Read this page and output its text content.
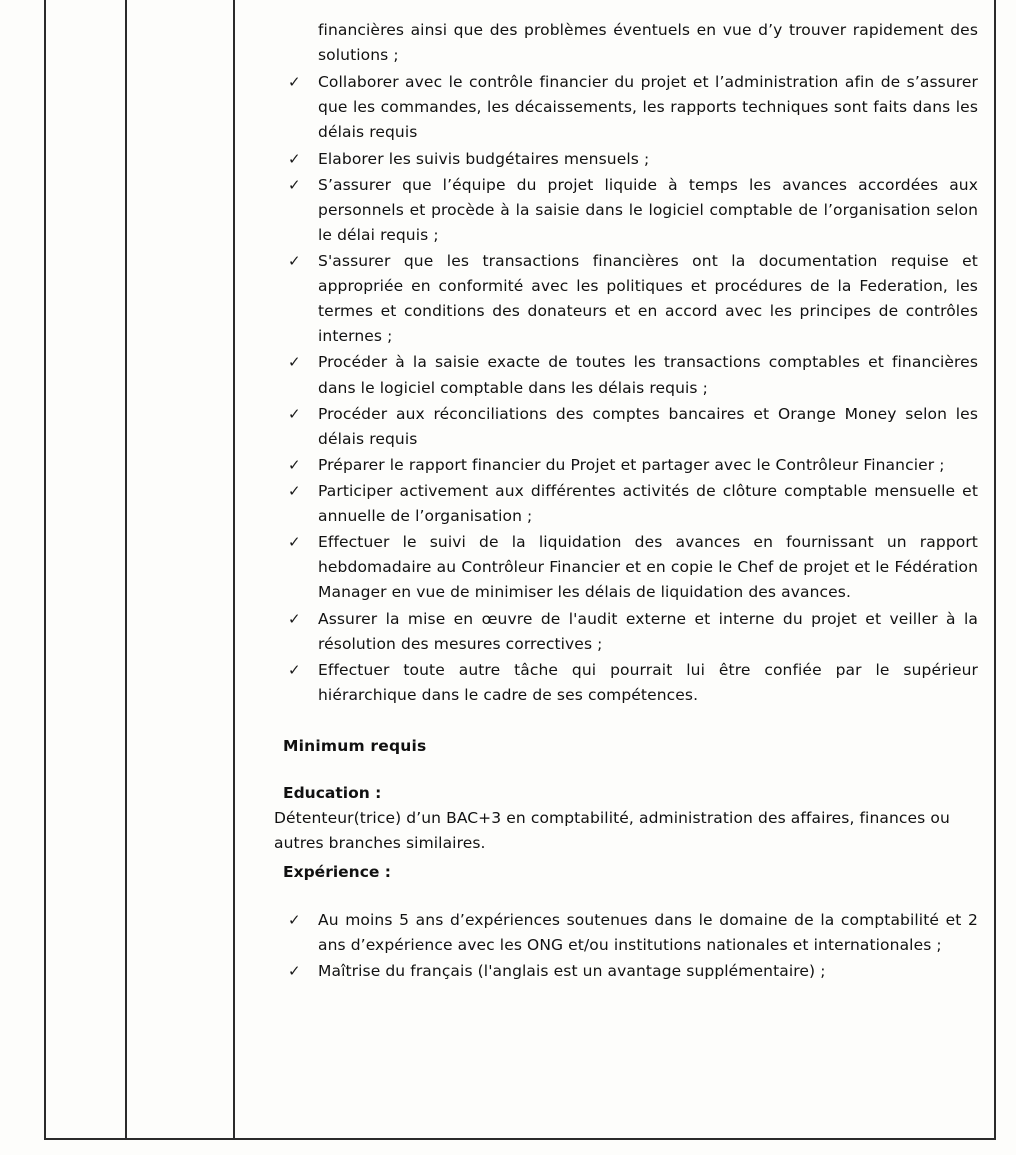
financières ainsi que des problèmes éventuels en vue d’y trouver rapidement des solutions ;

✓ Collaborer avec le contrôle financier du projet et l’administration afin de s’assurer que les commandes, les décaissements, les rapports techniques sont faits dans les délais requis
✓ Elaborer les suivis budgétaires mensuels ;
✓ S’assurer que l’équipe du projet liquide à temps les avances accordées aux personnels et procède à la saisie dans le logiciel comptable de l’organisation selon le délai requis ;
✓ S'assurer que les transactions financières ont la documentation requise et appropriée en conformité avec les politiques et procédures de la Federation, les termes et conditions des donateurs et en accord avec les principes de contrôles internes ;
✓ Procéder à la saisie exacte de toutes les transactions comptables et financières dans le logiciel comptable dans les délais requis ;
✓ Procéder aux réconciliations des comptes bancaires et Orange Money selon les délais requis
✓ Préparer le rapport financier du Projet et partager avec le Contrôleur Financier ;
✓ Participer activement aux différentes activités de clôture comptable mensuelle et annuelle de l’organisation ;
✓ Effectuer le suivi de la liquidation des avances en fournissant un rapport hebdomadaire au Contrôleur Financier et en copie le Chef de projet et le Fédération Manager en vue de minimiser les délais de liquidation des avances.
✓ Assurer la mise en œuvre de l'audit externe et interne du projet et veiller à la résolution des mesures correctives ;
✓ Effectuer toute autre tâche qui pourrait lui être confiée par le supérieur hiérarchique dans le cadre de ses compétences.
Minimum requis
Education :

Détenteur(trice) d’un BAC+3 en comptabilité, administration des affaires, finances ou autres branches similaires.

Expérience :
✓ Au moins 5 ans d’expériences soutenues dans le domaine de la comptabilité et 2 ans d’expérience avec les ONG et/ou institutions nationales et internationales ;
✓ Maîtrise du français (l'anglais est un avantage supplémentaire) ;
